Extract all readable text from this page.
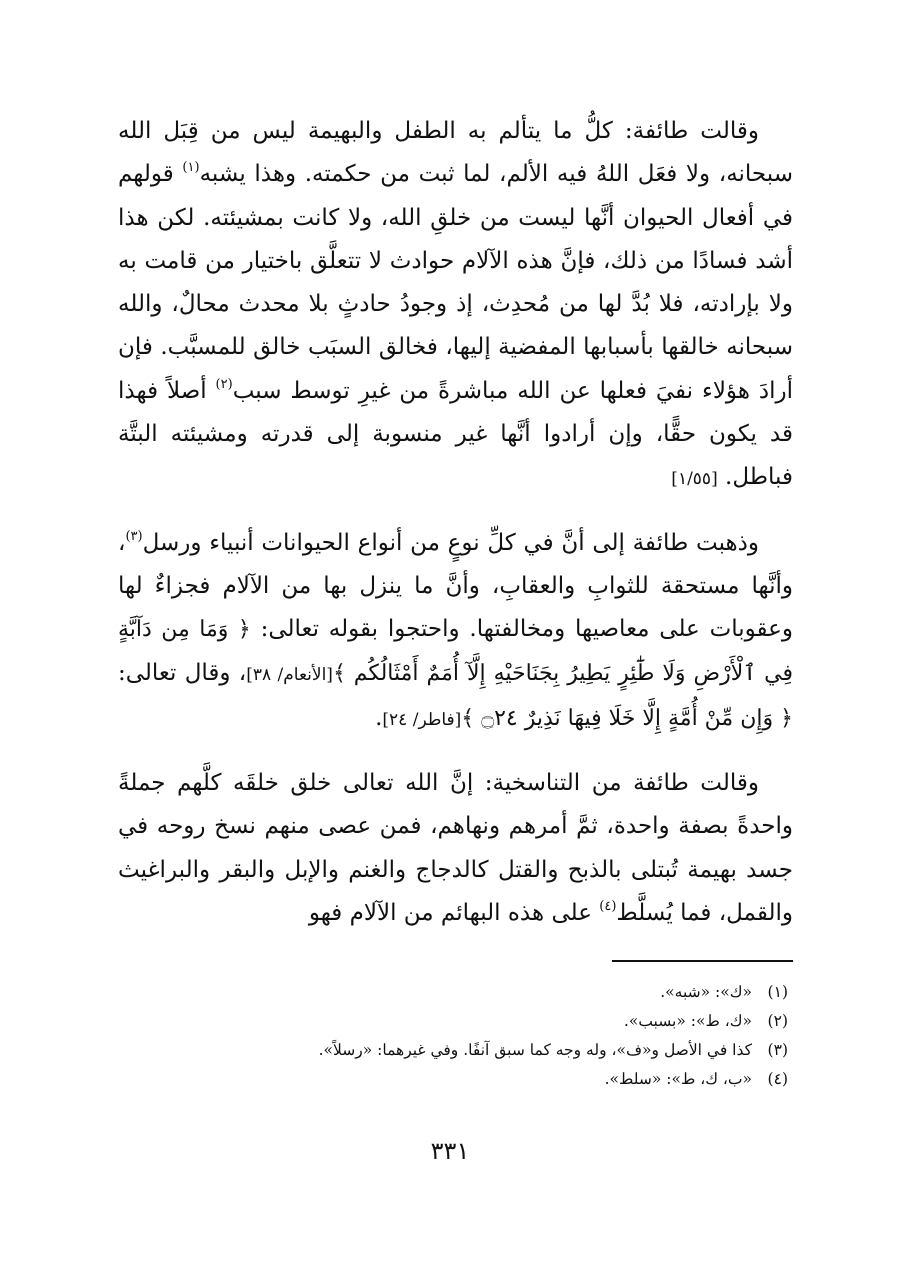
وقالت طائفة: كلُّ ما يتألم به الطفل والبهيمة ليس من قِبَل الله سبحانه، ولا فعَل اللهُ فيه الألم، لما ثبت من حكمته. وهذا يشبه$^{(١)}$ قولهم في أفعال الحيوان أنَّها ليست من خلقِ الله، ولا كانت بمشيئته. لكن هذا أشد فسادًا من ذلك، فإنَّ هذه الآلام حوادث لا تتعلَّق باختيار من قامت به ولا بإرادته، فلا بُدَّ لها من مُحدِث، إذ وجودُ حادثٍ بلا محدث محالٌ، والله سبحانه خالقها بأسبابها المفضية إليها، فخالق السبَب خالق للمسبَّب. فإن أرادَ هؤلاء نفيَ فعلها عن الله مباشرةً من غيرِ توسط سبب$^{(٢)}$ أصلاً فهذا قد يكون حقًّا، وإن أرادوا أنَّها غير منسوبة إلى قدرته ومشيئته البتَّة فباطل. [١/٥٥]

وذهبت طائفة إلى أنَّ في كلِّ نوعٍ من أنواع الحيوانات أنبياء ورسل$^{(٣)}$، وأنَّها مستحقة للثوابِ والعقابِ، وأنَّ ما ينزل بها من الآلام فجزاءٌ لها وعقوبات على معاصيها ومخالفتها. واحتجوا بقوله تعالى: ﴿ وَمَا مِن دَآبَّةٍ فِي ٱلْأَرْضِ وَلَا طَٰٓئِرٍ يَطِيرُ بِجَنَاحَيْهِ إِلَّآ أُمَمٌ أَمْثَالُكُم ﴾[الأنعام/ ٣٨]، وقال تعالى: ﴿ وَإِن مِّنْ أُمَّةٍ إِلَّا خَلَا فِيهَا نَذِيرٌ ۝٢٤ ﴾[فاطر/ ٢٤].

وقالت طائفة من التناسخية: إنَّ الله تعالى خلق خلقَه كلَّهم جملةً واحدةً بصفة واحدة، ثمَّ أمرهم ونهاهم، فمن عصى منهم نسخ روحه في جسد بهيمة تُبتلى بالذبح والقتل كالدجاج والغنم والإبل والبقر والبراغيث والقمل، فما يُسلَّط$^{(٤)}$ على هذه البهائم من الآلام فهو

(١)
«ك»: «شبه».
(٢)
«ك، ط»: «بسبب».
(٣)
كذا في الأصل و«ف»، وله وجه كما سبق آنفًا. وفي غيرهما: «رسلاً».
(٤)
«ب، ك، ط»: «سلط».
٣٣١
